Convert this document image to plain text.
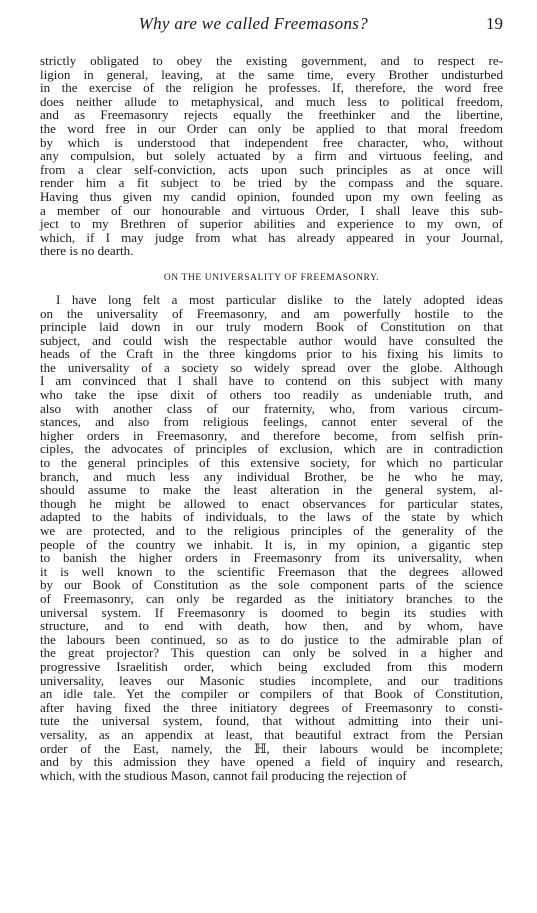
Why are we called Freemasons?	19
strictly obligated to obey the existing government, and to respect re-
ligion in general, leaving, at the same time, every Brother undisturbed
in the exercise of the religion he professes. If, therefore, the word free
does neither allude to metaphysical, and much less to political freedom,
and as Freemasonry rejects equally the freethinker and the libertine,
the word free in our Order can only be applied to that moral freedom
by which is understood that independent free character, who, without
any compulsion, but solely actuated by a firm and virtuous feeling, and
from a clear self-conviction, acts upon such principles as at once will
render him a fit subject to be tried by the compass and the square.
Having thus given my candid opinion, founded upon my own feeling as
a member of our honourable and virtuous Order, I shall leave this sub-
ject to my Brethren of superior abilities and experience to my own, of
which, if I may judge from what has already appeared in your Journal,
there is no dearth.
ON THE UNIVERSALITY OF FREEMASONRY.
I have long felt a most particular dislike to the lately adopted ideas
on the universality of Freemasonry, and am powerfully hostile to the
principle laid down in our truly modern Book of Constitution on that
subject, and could wish the respectable author would have consulted the
heads of the Craft in the three kingdoms prior to his fixing his limits to
the universality of a society so widely spread over the globe. Although
I am convinced that I shall have to contend on this subject with many
who take the ipse dixit of others too readily as undeniable truth, and
also with another class of our fraternity, who, from various circum-
stances, and also from religious feelings, cannot enter several of the
higher orders in Freemasonry, and therefore become, from selfish prin-
ciples, the advocates of principles of exclusion, which are in contradiction
to the general principles of this extensive society, for which no particular
branch, and much less any individual Brother, be he who he may,
should assume to make the least alteration in the general system, al-
though he might be allowed to enact observances for particular states,
adapted to the habits of individuals, to the laws of the state by which
we are protected, and to the religious principles of the generality of the
people of the country we inhabit. It is, in my opinion, a gigantic step
to banish the higher orders in Freemasonry from its universality, when
it is well known to the scientific Freemason that the degrees allowed
by our Book of Constitution as the sole component parts of the science
of Freemasonry, can only be regarded as the initiatory branches to the
universal system. If Freemasonry is doomed to begin its studies with
structure, and to end with death, how then, and by whom, have
the labours been continued, so as to do justice to the admirable plan of
the great projector? This question can only be solved in a higher and
progressive Israelitish order, which being excluded from this modern
universality, leaves our Masonic studies incomplete, and our traditions
an idle tale. Yet the compiler or compilers of that Book of Constitution,
after having fixed the three initiatory degrees of Freemasonry to consti-
tute the universal system, found, that without admitting into their uni-
versality, as an appendix at least, that beautiful extract from the Persian
order of the East, namely, the ℍ, their labours would be incomplete;
and by this admission they have opened a field of inquiry and research,
which, with the studious Mason, cannot fail producing the rejection of
